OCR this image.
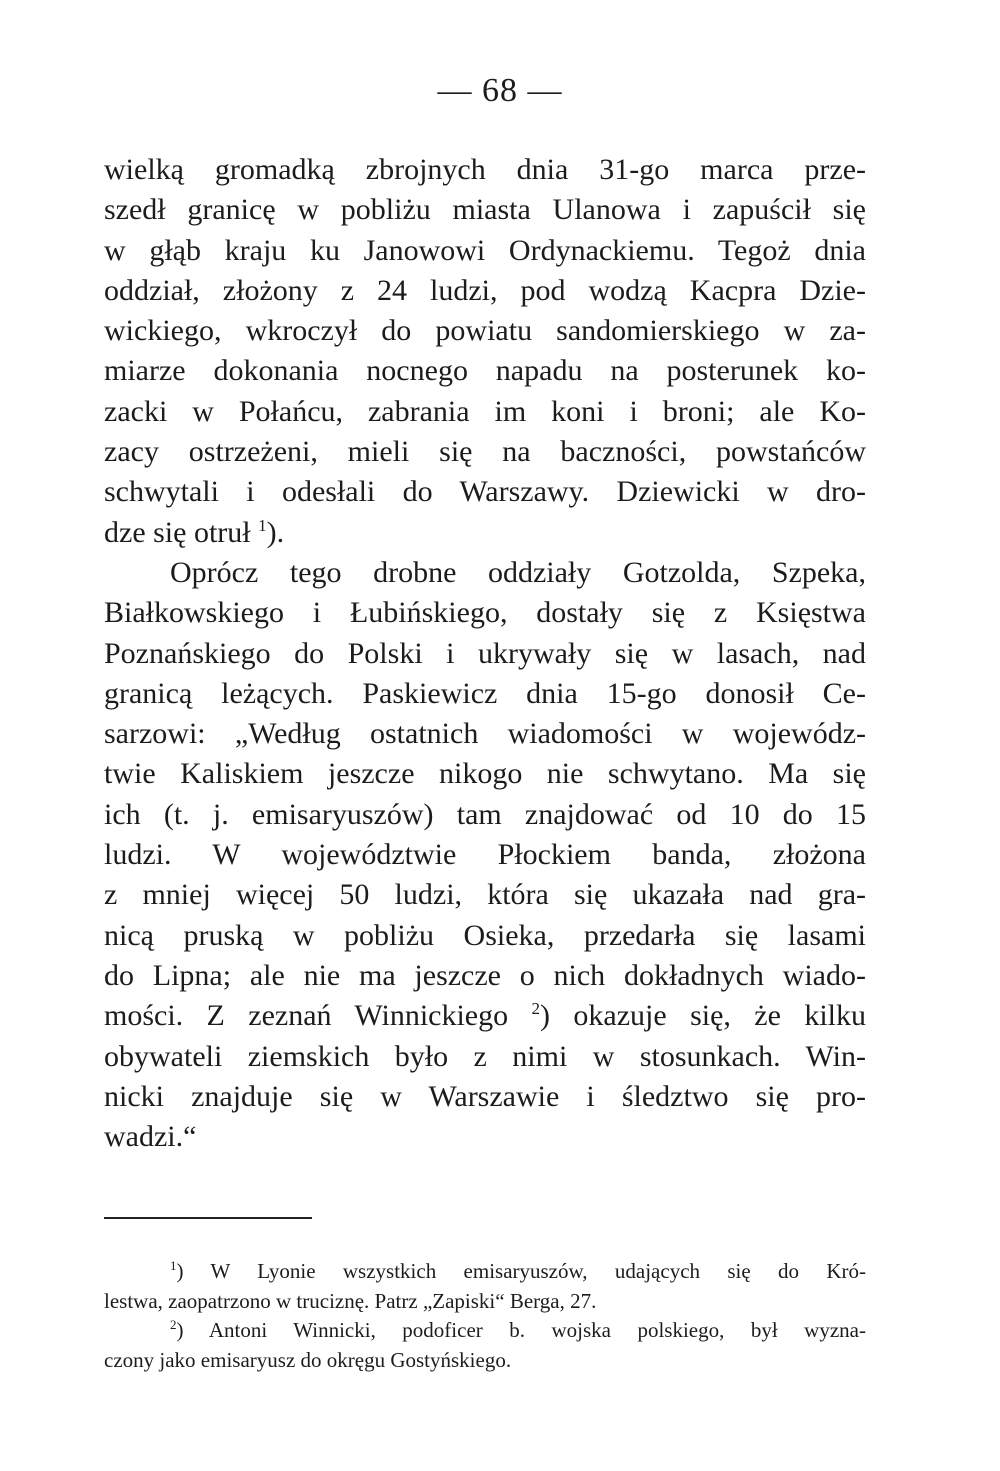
— 68 —
wielką gromadką zbrojnych dnia 31-go marca prze-
szedł granicę w pobliżu miasta Ulanowa i zapuścił się
w głąb kraju ku Janowowi Ordynackiemu. Tegoż dnia
oddział, złożony z 24 ludzi, pod wodzą Kacpra Dzie-
wickiego, wkroczył do powiatu sandomierskiego w za-
miarze dokonania nocnego napadu na posterunek ko-
zacki w Połańcu, zabrania im koni i broni; ale Ko-
zacy ostrzeżeni, mieli się na baczności, powstańców
schwytali i odesłali do Warszawy. Dziewicki w dro-
dze się otruł $^1$).
Oprócz tego drobne oddziały Gotzolda, Szpeka,
Białkowskiego i Łubińskiego, dostały się z Księstwa
Poznańskiego do Polski i ukrywały się w lasach, nad
granicą leżących. Paskiewicz dnia 15-go donosił Ce-
sarzowi: „Według ostatnich wiadomości w wojewódz-
twie Kaliskiem jeszcze nikogo nie schwytano. Ma się
ich (t. j. emisaryuszów) tam znajdować od 10 do 15
ludzi. W województwie Płockiem banda, złożona
z mniej więcej 50 ludzi, która się ukazała nad gra-
nicą pruską w pobliżu Osieka, przedarła się lasami
do Lipna; ale nie ma jeszcze o nich dokładnych wiado-
mości. Z zeznań Winnickiego $^2$) okazuje się, że kilku
obywateli ziemskich było z nimi w stosunkach. Win-
nicki znajduje się w Warszawie i śledztwo się pro-
wadzi.“
$^1$) W Lyonie wszystkich emisaryuszów, udających się do Kró-
lestwa, zaopatrzono w truciznę. Patrz „Zapiski“ Berga, 27.
$^2$) Antoni Winnicki, podoficer b. wojska polskiego, był wyzna-
czony jako emisaryusz do okręgu Gostyńskiego.
